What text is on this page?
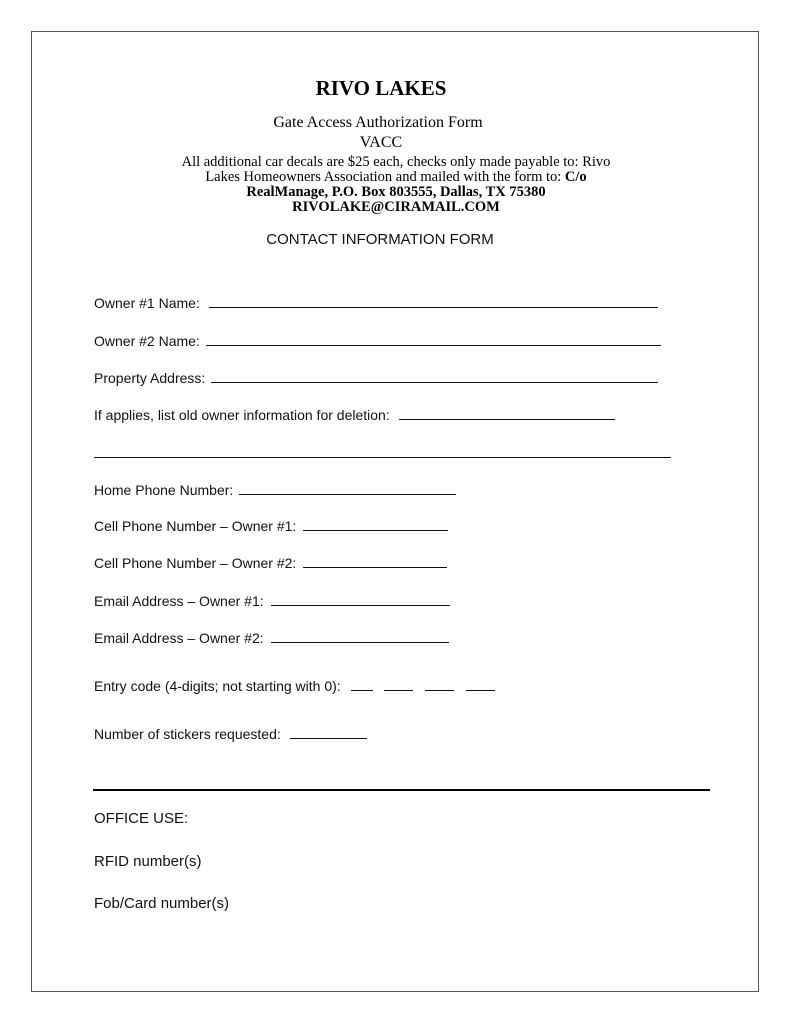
RIVO LAKES
Gate Access Authorization Form
VACC
All additional car decals are $25 each, checks only made payable to: Rivo
Lakes Homeowners Association and mailed with the form to: C/o
RealManage, P.O. Box 803555, Dallas, TX 75380
RIVOLAKE@CIRAMAIL.COM
CONTACT INFORMATION FORM
Owner #1 Name:
Owner #2 Name:
Property Address:
If applies, list old owner information for deletion:
Home Phone Number:
Cell Phone Number – Owner #1:
Cell Phone Number – Owner #2:
Email Address – Owner #1:
Email Address – Owner #2:
Entry code (4-digits; not starting with 0):
Number of stickers requested:
OFFICE USE:
RFID number(s)
Fob/Card number(s)
